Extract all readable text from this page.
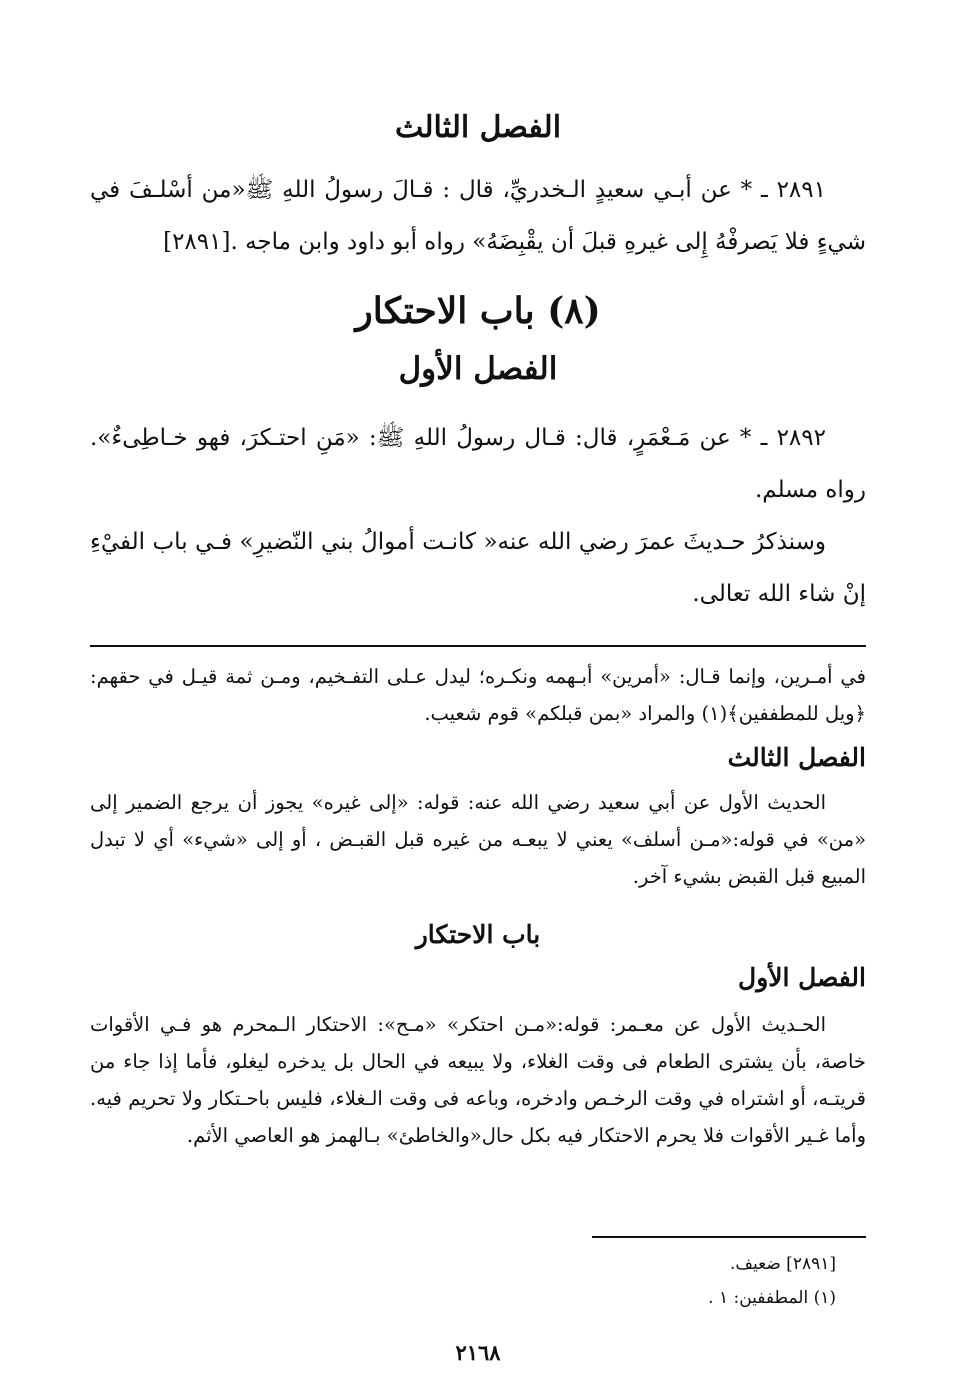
الفصل الثالث

٢٨٩١ ـ * عن أبـي سعيدٍ الـخدريِّ، قال : قـالَ رسولُ اللهِ ﷺ«من أسْلـفَ في شيءٍ فلا يَصرفْهُ إِلى غيرهِ قبلَ أن يقْبِضَهُ» رواه أبو داود وابن ماجه .[٢٨٩١]

(٨) باب الاحتكار
الفصل الأول

٢٨٩٢ ـ * عن مَـعْمَرٍ، قال: قـال رسولُ اللهِ ﷺ: «مَنِ احتـكرَ، فهو خـاطِىءٌ». رواه مسلم.

وسنذكرُ حـديثَ عمرَ رضي الله عنه« كانـت أموالُ بني النّضيرِ» فـي باب الفيْءِ إنْ شاء الله تعالى.

في أمـرين، وإنما قـال: «أمرين» أبـهمه ونكـره؛ ليدل عـلى التفـخيم، ومـن ثمة قيـل في حقهم: ﴿ويل للمطففين﴾(١) والمراد «بمن قبلكم» قوم شعيب.

الفصل الثالث

الحديث الأول عن أبي سعيد رضي الله عنه: قوله: «إلى غيره» يجوز أن يرجع الضمير إلى «من» في قوله:«مـن أسلف» يعني لا يبعـه من غيره قبل القبـض ، أو إلى «شيء» أي لا تبدل المبيع قبل القبض بشيء آخر.

باب الاحتكار
الفصل الأول

الحـديث الأول عن معـمر: قوله:«مـن احتكر» «مـح»: الاحتكار الـمحرم هو فـي الأقوات خاصة، بأن يشترى الطعام فى وقت الغلاء، ولا يبيعه في الحال بل يدخره ليغلو، فأما إذا جاء من قريتـه، أو اشتراه في وقت الرخـص وادخره، وباعه فى وقت الـغلاء، فليس باحـتكار ولا تحريم فيه. وأما غـير الأقوات فلا يحرم الاحتكار فيه بكل حال«والخاطئ» بـالهمز هو العاصي الأثم.

[٢٨٩١] ضعيف.

(١) المطففين: ١ .

٢١٦٨
